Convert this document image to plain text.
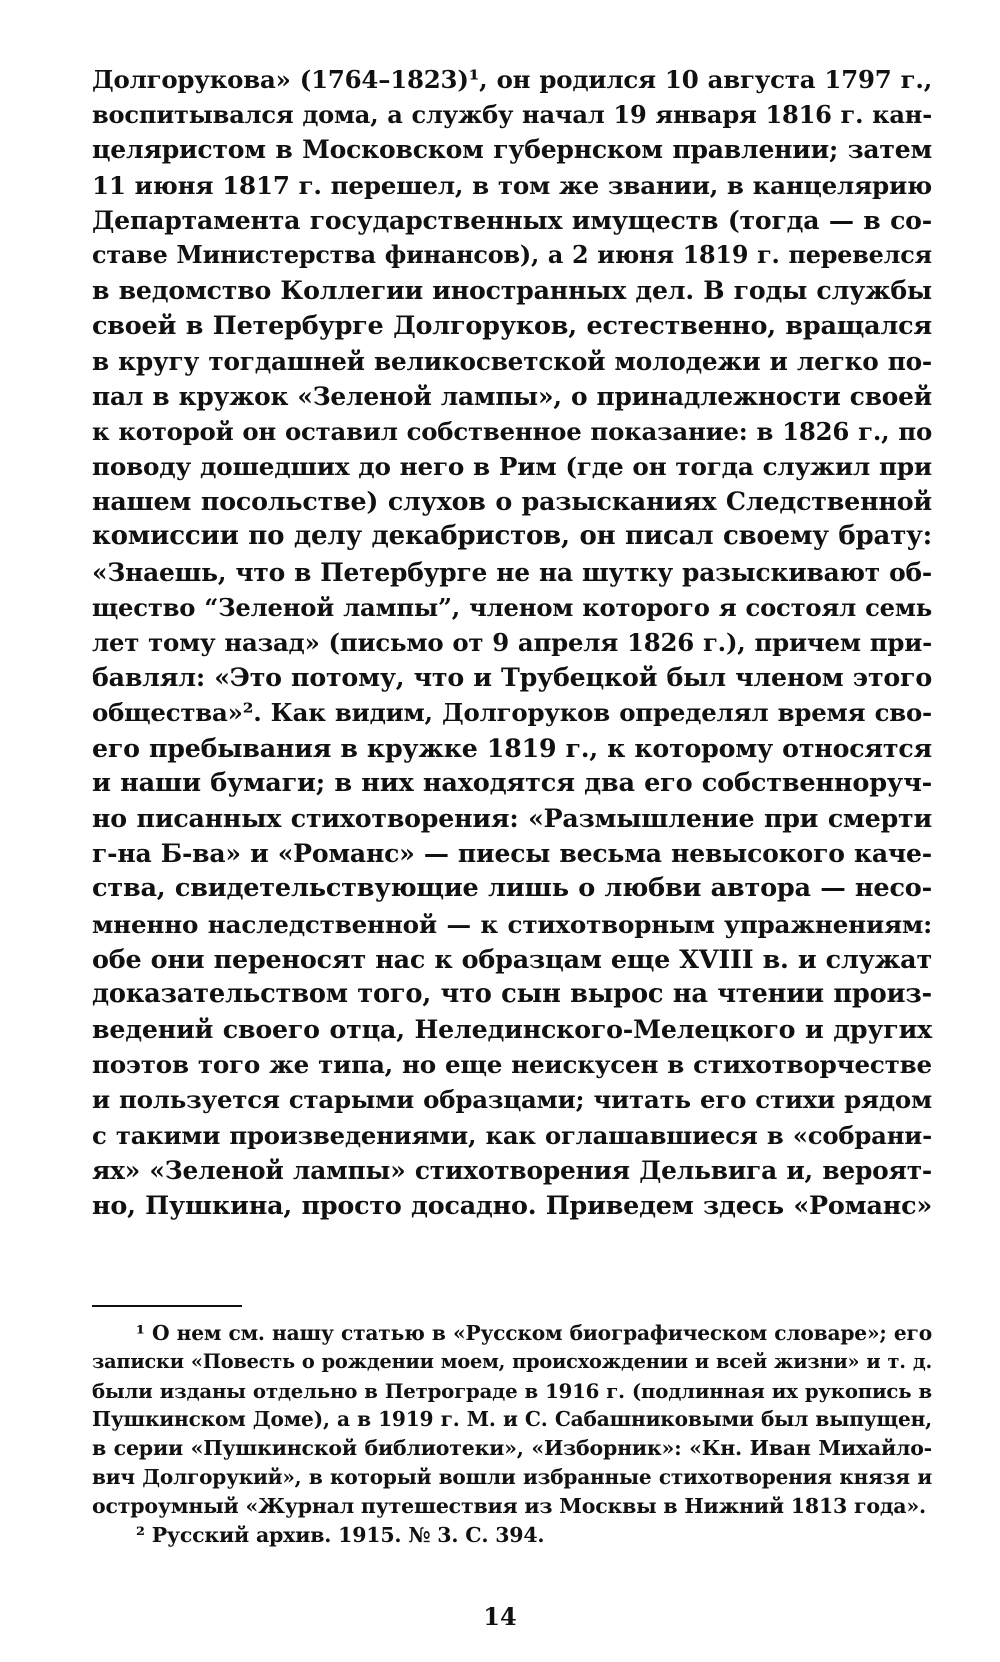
Долгорукова» (1764–1823)¹, он родился 10 августа 1797 г.,
воспитывался дома, а службу начал 19 января 1816 г. кан-
целяристом в Московском губернском правлении; затем
11 июня 1817 г. перешел, в том же звании, в канцелярию
Департамента государственных имуществ (тогда — в со-
ставе Министерства финансов), а 2 июня 1819 г. перевелся
в ведомство Коллегии иностранных дел. В годы службы
своей в Петербурге Долгоруков, естественно, вращался
в кругу тогдашней великосветской молодежи и легко по-
пал в кружок «Зеленой лампы», о принадлежности своей
к которой он оставил собственное показание: в 1826 г., по
поводу дошедших до него в Рим (где он тогда служил при
нашем посольстве) слухов о разысканиях Следственной
комиссии по делу декабристов, он писал своему брату:
«Знаешь, что в Петербурге не на шутку разыскивают об-
щество “Зеленой лампы”, членом которого я состоял семь
лет тому назад» (письмо от 9 апреля 1826 г.), причем при-
бавлял: «Это потому, что и Трубецкой был членом этого
общества»². Как видим, Долгоруков определял время сво-
его пребывания в кружке 1819 г., к которому относятся
и наши бумаги; в них находятся два его собственноруч-
но писанных стихотворения: «Размышление при смерти
г-на Б-ва» и «Романс» — пиесы весьма невысокого каче-
ства, свидетельствующие лишь о любви автора — несо-
мненно наследственной — к стихотворным упражнениям:
обе они переносят нас к образцам еще XVIII в. и служат
доказательством того, что сын вырос на чтении произ-
ведений своего отца, Нелединского-Мелецкого и других
поэтов того же типа, но еще неискусен в стихотворчестве
и пользуется старыми образцами; читать его стихи рядом
с такими произведениями, как оглашавшиеся в «собрани-
ях» «Зеленой лампы» стихотворения Дельвига и, вероят-
но, Пушкина, просто досадно. Приведем здесь «Романс»
¹ О нем см. нашу статью в «Русском биографическом словаре»; его
записки «Повесть о рождении моем, происхождении и всей жизни» и т. д.
были изданы отдельно в Петрограде в 1916 г. (подлинная их рукопись в
Пушкинском Доме), а в 1919 г. М. и С. Сабашниковыми был выпущен,
в серии «Пушкинской библиотеки», «Изборник»: «Кн. Иван Михайло-
вич Долгорукий», в который вошли избранные стихотворения князя и
остроумный «Журнал путешествия из Москвы в Нижний 1813 года».
² Русский архив. 1915. № 3. С. 394.
14
